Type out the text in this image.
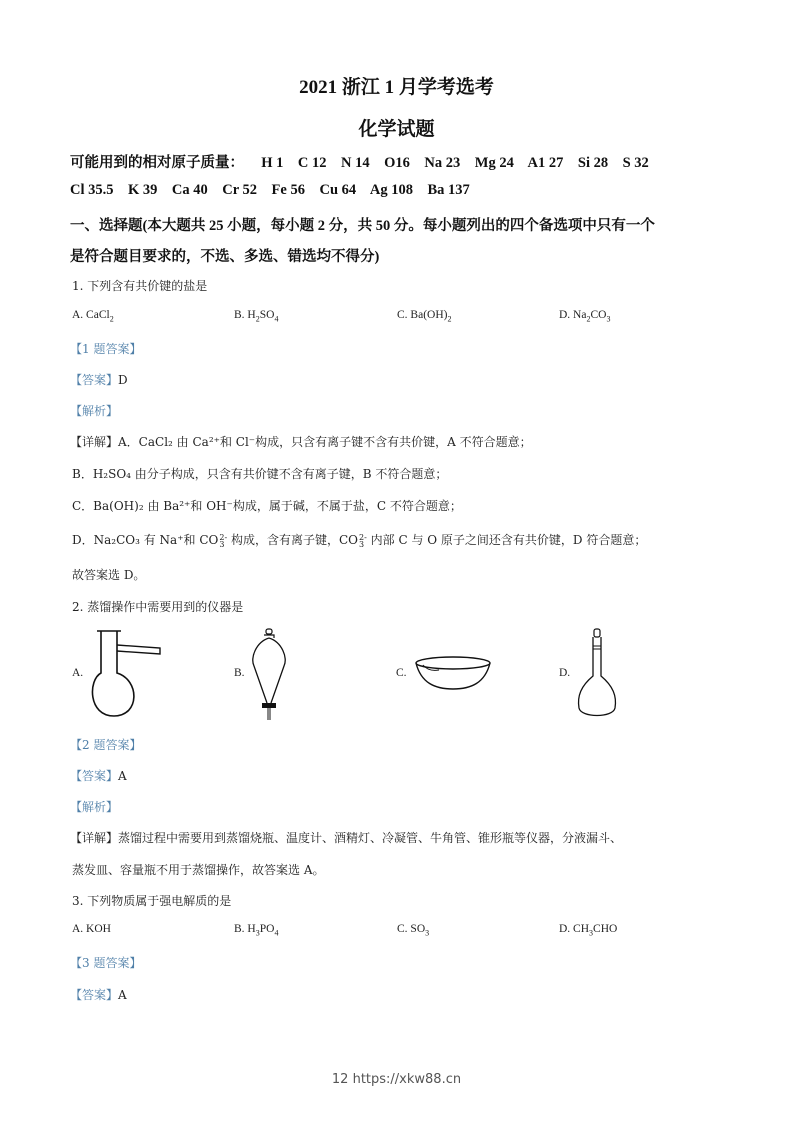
2021 浙江 1 月学考选考
化学试题
可能用到的相对原子质量： H 1 C 12 N 14 O16 Na 23 Mg 24 A1 27 Si 28 S 32
Cl 35.5 K 39 Ca 40 Cr 52 Fe 56 Cu 64 Ag 108 Ba 137
一、选择题(本大题共 25 小题，每小题 2 分，共 50 分。每小题列出的四个备选项中只有一个
是符合题目要求的，不选、多选、错选均不得分)
1. 下列含有共价键的盐是
A. CaCl$_2$	B. $H_2SO_4$	C. $Ba(OH)_2$	D. $Na_2CO_3$
【1 题答案】
【答案】D
【解析】
【详解】A．CaCl₂ 由 Ca²⁺和 Cl⁻构成，只含有离子键不含有共价键，A 不符合题意；
B．H₂SO₄ 由分子构成，只含有共价键不含有离子键，B 不符合题意；
C．Ba(OH)₂ 由 Ba²⁺和 OH⁻构成，属于碱，不属于盐，C 不符合题意；
D．Na₂CO₃ 有 Na⁺和 CO2-
3 构成，含有离子键，CO2-
3 内部 C 与 O 原子之间还含有共价键，D 符合题意；
故答案选 D。
2. 蒸馏操作中需要用到的仪器是
A.	B.	C.	D.
【2 题答案】
【答案】A
【解析】
【详解】蒸馏过程中需要用到蒸馏烧瓶、温度计、酒精灯、冷凝管、牛角管、锥形瓶等仪器，分液漏斗、
蒸发皿、容量瓶不用于蒸馏操作，故答案选 A。
3. 下列物质属于强电解质的是
A. KOH	B. $H_3PO_4$	C. $SO_3$	D. $CH_3CHO$
【3 题答案】
【答案】A
12 https://xkw88.cn
